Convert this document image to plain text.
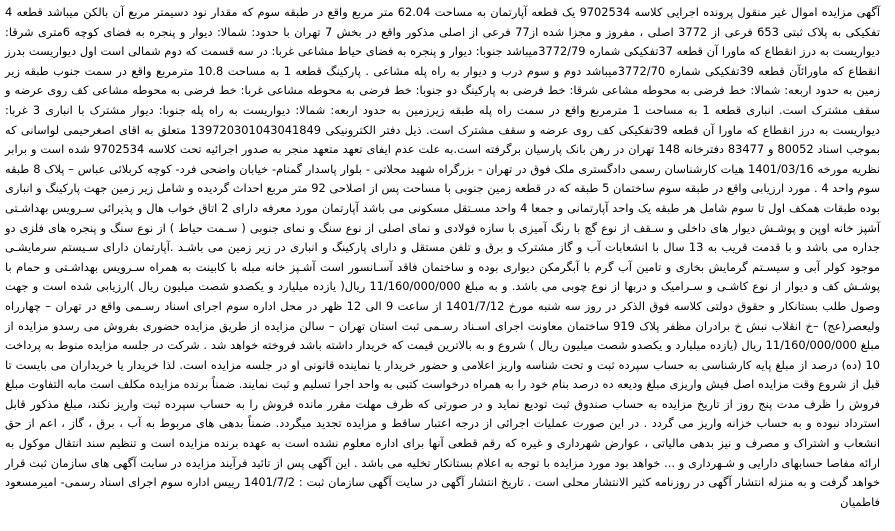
آگهی مزایده اموال غیر منقول پرونده اجرایی کلاسه 9702534 یک قطعه آپارتمان به مساحت 62.04 متر مربع واقع در طبقه سوم که مقدار نود دسیمتر مربع آن بالکن میباشد قطعه 4 تفکیکی به پلاک ثبتی 653 فرعی از 3772 اصلی ، مفروز و مجزا شده از77 فرعی از اصلی مذکور واقع در بخش 7 تهران با حدود: شمالا: دیوار و پنجره به فضای کوچه 6متری شرقا: دیواریست به درز انقطاع که ماورا آن قطعه 37تفکیکی شماره 3772/79میباشد جنوبا: دیوار و پنجره به فضای حیاط مشاعی غربا: در سه قسمت که دوم شمالی است اول دیواریست بدرز انقطاع که ماورائآن قطعه 39تفکیکی شماره 3772/70میباشد دوم و سوم درب و دیوار به راه پله مشاعی . پارکینگ قطعه 1 به مساحت 10.8 مترمربع واقع در سمت جنوب طبقه زیر زمین به حدود اربعه: شمالا: خط فرضی به محوطه مشاعی شرقا: خط فرضی به پارکینگ دو جنوبا: خط فرضی به محوطه مشاعی غربا: خط فرضی به محوطه مشاعی کف روی عرضه و سقف مشترک است. انباری قطعه 1 به مساحت 1 مترمربع واقع در سمت راه پله طبقه زیرزمین به حدود اربعه: شمالا: دیواریست به راه پله جنوبا: دیوار مشترک با انباری 3 غربا: دیواریست به درز انقطاع که ماورا آن قطعه 39تفکیکی کف روی عرضه و سقف مشترک است. ذیل دفتر الکترونیکی 139720301043041849 متعلق به اقای اصغرحیمی لواسانی که بموجب اسناد 80052 و 83477 دفترخانه 148 تهران در رهن بانک پارسیان برگرفته است.به علت عدم ایفای تعهد متعهد منجر به صدور اجرائیه تحت کلاسه 9702534 شده است و برابر نظریه مورخه 1401/03/16 هیات کارشناسان رسمی دادگستری ملک فوق در تهران - بزرگراه شهید محلاتی - بلوار پاسدار گمنام- خیابان واضحی فرد- کوچه کربلائی عباس – پلاک 8 طبقه سوم واحد 4 . مورد ارزیابی واقع در طبقه سوم ساختمان 5 طبقه که در قطعه زمین جنوبی با مساحت پس از اصلاحی 92 متر مربع احداث گردیده و شامل زیر زمین جهت پارکینگ و انباری بوده طبقات همکف اول تا سوم شامل هر طبقه یک واحد آپارتمانی و جمعا 4 واحد مسـتقل مسکونی می باشد آپارتمان مورد معرفه دارای 2 اتاق خواب هال و پذیرائی سـرویس بهداشـتی آشپز خانه اوپن و پوشـش دیوار های داخلی و سـقف از نوع گچ با رنگ آمیزی با سازه فولادی و نمای اصلی از نوع سنگ و نمای جنوبی ( سـمت حیاط ) از نوع سنگ و پنجره های فلزی دو جداره می باشد و با قدمت قریب به 13 سال با انشعابات آب و گاز مشترک و برق و تلفن مستقل و دارای پارکینگ و انباری در زیر زمین می باشـد .آپارتمان دارای سـیستم سرمایشـی موجود کولر آبی و سیسـتم گرمایش بخاری و تامین آب گرم با آبگرمکن دیواری بوده و ساختمان فاقد آسـانسور است آشـپز خانه مبله با کابینت به همراه سـرویس بهداشـتی و حمام با پوشـش کف و دیوار از نوع کاشـی و سـرامیک و دربها از نوع چوبی می باشد. و به مبلغ 11/160/000/000 ریال( یازده میلیارد و یکصدو شصت میلیون ریال )ارزیابی شده است و جهت وصول طلب بستانکار و حقوق دولتی کلاسه فوق الذکر در روز سه شنبه مورخ 1401/7/12 از ساعت 9 الی 12 ظهر در محل اداره سوم اجرای اسناد رسـمی واقع در تهران – چهارراه ولیعصر(عج) –خ انقلاب نبش خ برادران مظفر پلاک 919 ساختمان معاونت اجرای اسـناد رسـمی ثبت استان تهران – سالن مزایده از طریق مزایده حضوری بفروش می رسدو مزایده از مبلغ 11/160/000/000 ریال (یازده میلیارد و یکصدو شصت میلیون ریال ) شروع و به بالاترین قیمت که خریدار داشته باشد فروخته خواهد شد . شرکت در جلسه مزایده منوط به پرداخت 10 (ده) درصد از مبلغ پایه کارشناسی به حساب سپرده ثبت و تحت شناسه واریز اعلامی و حضور خریدار یا نماینده قانونی او در جلسه مزایده است. لذا خریدار یا خریداران می بایست تا قبل از شروع وقت مزایده اصل فیش واریزی مبلغ ودیعه ده درصد بنام خود را به همراه درخواست کتبی به واحد اجرا تسلیم و ثبت نمایند. ضمناً برنده مزایده مکلف است مابه التفاوت مبلغ فروش را ظرف مدت پنج روز از تاریخ مزایده به حساب صندوق ثبت تودیع نماید و در صورتی که ظرف مهلت مقرر مانده فروش را به حساب سپرده ثبت واریز نکند، مبلغ مذکور قابل استرداد نبوده و به حساب خزانه واریز می گردد . در این صورت عملیات اجرائی از درجه اعتبار ساقط و مزایده تجدید میگردد. ضمناً بدهی های مربوط به آب ، برق ، گاز ، اعم از حق انشعاب و اشتراک و مصرف و نیز بدهی مالیاتی ، عوارض شهرداری و غیره که رقم قطعی آنها برای اداره معلوم نشده است به عهده برنده مزایده است و تنظیم سند انتقال موکول به ارائه مفاصا حسابهای دارایی و شـهرداری و ... خواهد بود مورد مزایده با توجه به اعلام بستانکار تخلیه می باشد . این آگهی پس از تائید فرآیند مزایده در سایت آگهی های سازمان ثبت قرار خواهد گرفت و به منزله انتشار آگهی در روزنامه کثیر الانتشار محلی است . تاریخ انتشار آگهی در سایت آگهی سازمان ثبت : 1401/7/2 رییس اداره سوم اجرای اسناد رسمی- امیرمسعود فاطمیان
